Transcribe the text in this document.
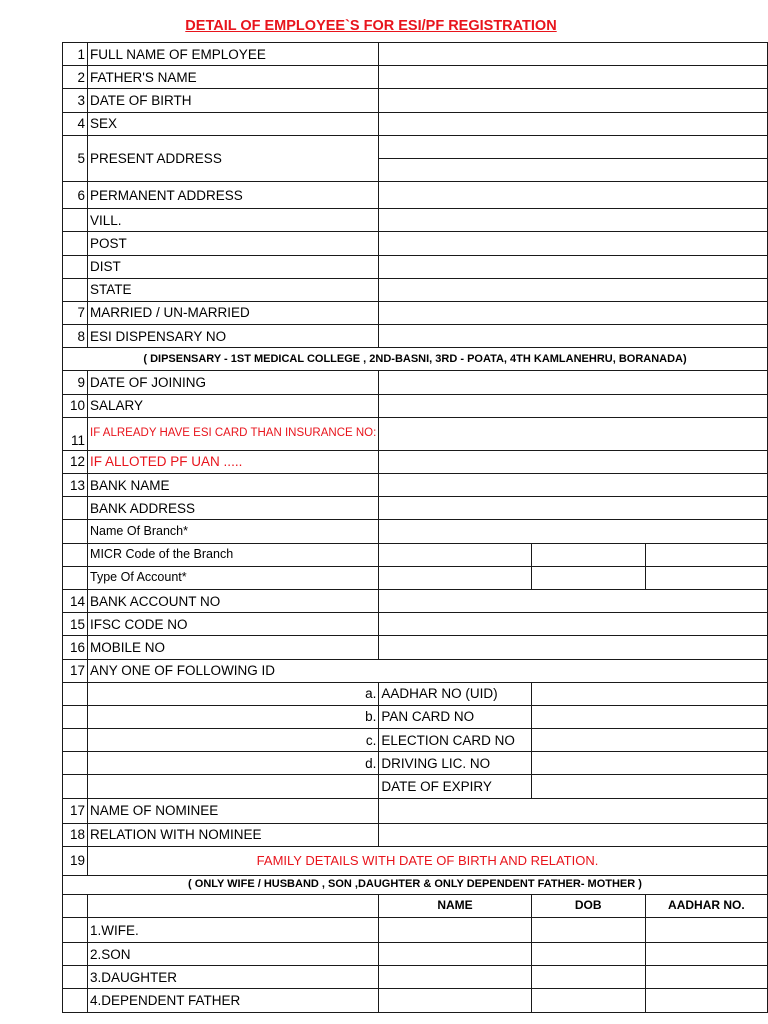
DETAIL OF EMPLOYEE`S FOR ESI/PF REGISTRATION
1	FULL NAME OF EMPLOYEE			
2	FATHER'S NAME			
3	DATE OF BIRTH			
4	SEX			
5	PRESENT ADDRESS			

6	PERMANENT ADDRESS			
	VILL.			
	POST			
	DIST			
	STATE			
7	MARRIED / UN-MARRIED			
8	ESI DISPENSARY NO			
( DIPSENSARY - 1ST MEDICAL COLLEGE , 2ND-BASNI, 3RD - POATA, 4TH KAMLANEHRU, BORANADA)				
9	DATE OF JOINING			
10	SALARY			
11	IF ALREADY HAVE ESI CARD THAN INSURANCE NO:			
12	IF ALLOTED PF UAN .....			
13	BANK NAME			
	BANK ADDRESS			
	Name Of Branch*			
	MICR Code of the Branch			
	Type Of Account*			
14	BANK ACCOUNT NO			
15	IFSC CODE NO			
16	MOBILE NO			
17	ANY ONE OF FOLLOWING ID			
	a.	AADHAR NO (UID)		
	b.	PAN CARD NO		
	c.	ELECTION CARD NO		
	d.	DRIVING LIC. NO		
		DATE OF EXPIRY		
17	NAME OF NOMINEE			
18	RELATION WITH NOMINEE			
19	FAMILY DETAILS WITH DATE OF BIRTH AND RELATION.			
( ONLY WIFE / HUSBAND , SON ,DAUGHTER & ONLY DEPENDENT FATHER- MOTHER )				
		NAME	DOB	AADHAR NO.
	1.WIFE.			
	2.SON			
	3.DAUGHTER			
	4.DEPENDENT FATHER			
